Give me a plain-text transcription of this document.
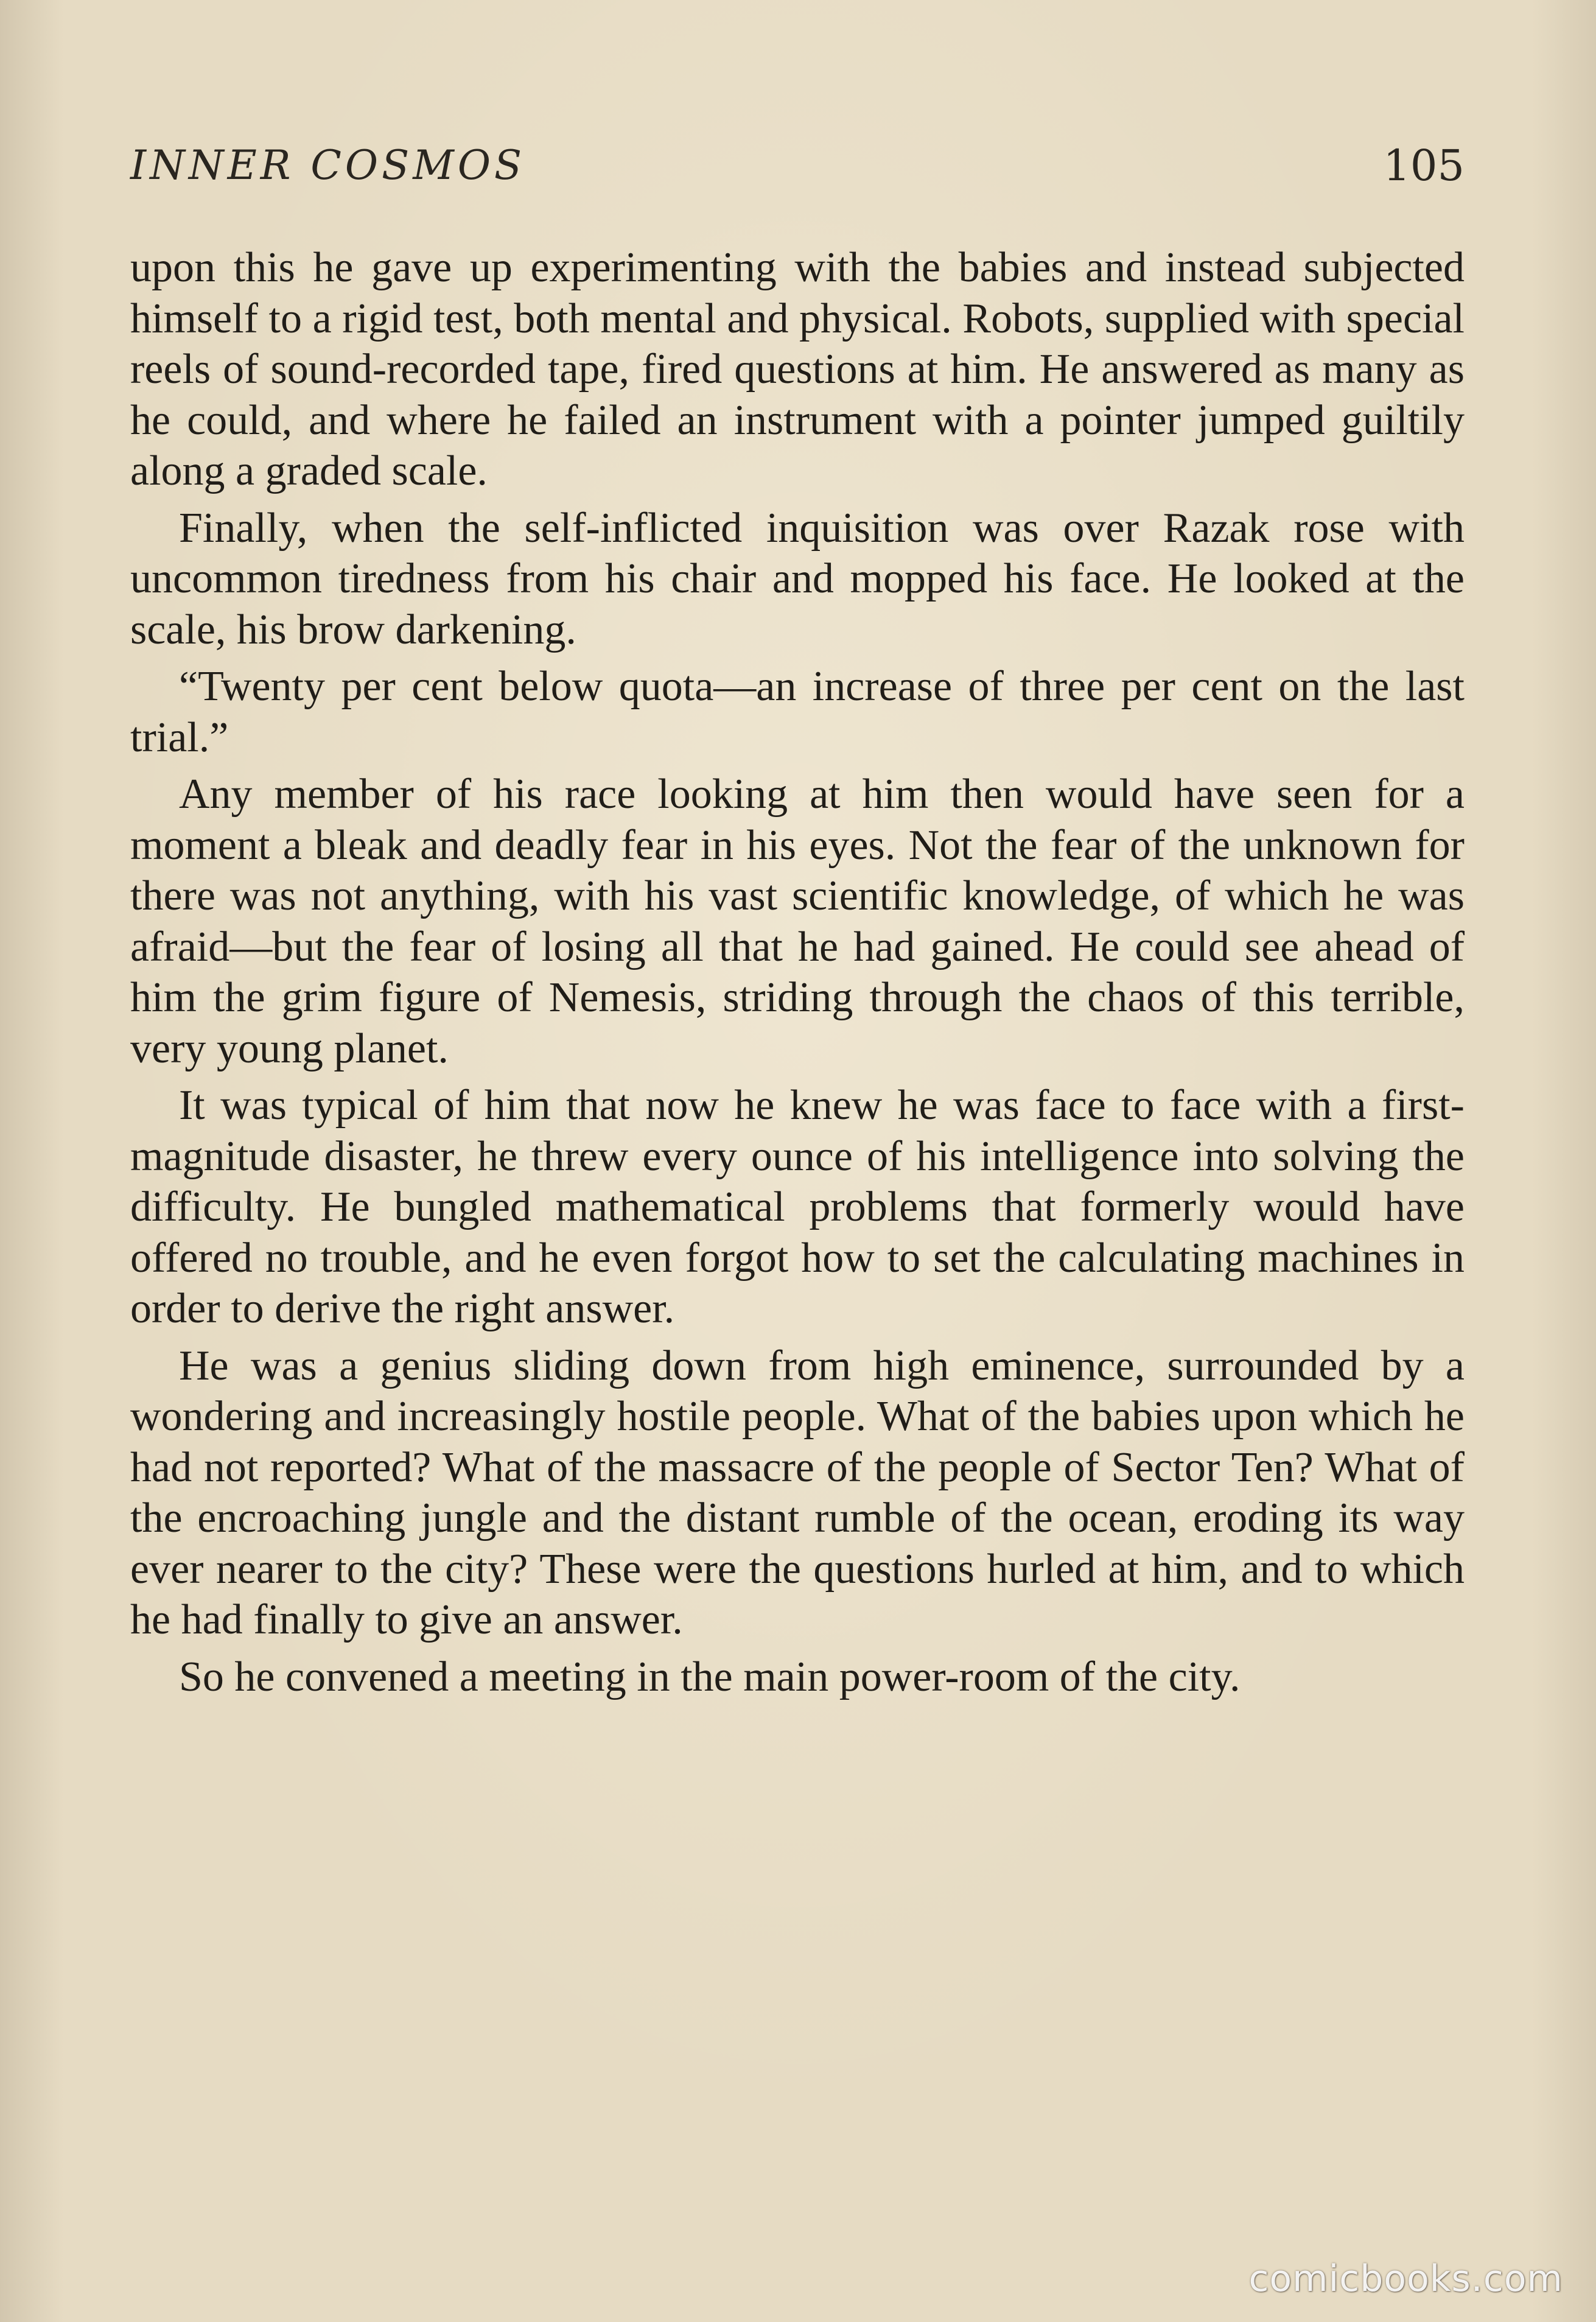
INNER COSMOS	105

upon this he gave up experimenting with the babies and instead subjected himself to a rigid test, both mental and physical. Robots, supplied with special reels of sound-recorded tape, fired questions at him. He answered as many as he could, and where he failed an instrument with a pointer jumped guiltily along a graded scale.

Finally, when the self-inflicted inquisition was over Razak rose with uncommon tiredness from his chair and mopped his face. He looked at the scale, his brow darkening.

“Twenty per cent below quota—an increase of three per cent on the last trial.”

Any member of his race looking at him then would have seen for a moment a bleak and deadly fear in his eyes. Not the fear of the unknown for there was not anything, with his vast scientific knowledge, of which he was afraid—but the fear of losing all that he had gained. He could see ahead of him the grim figure of Nemesis, striding through the chaos of this terrible, very young planet.

It was typical of him that now he knew he was face to face with a first-magnitude disaster, he threw every ounce of his intelligence into solving the difficulty. He bungled mathematical problems that formerly would have offered no trouble, and he even forgot how to set the calculating machines in order to derive the right answer.

He was a genius sliding down from high eminence, surrounded by a wondering and increasingly hostile people. What of the babies upon which he had not reported? What of the massacre of the people of Sector Ten? What of the encroaching jungle and the distant rumble of the ocean, eroding its way ever nearer to the city? These were the questions hurled at him, and to which he had finally to give an answer.

So he convened a meeting in the main power-room of the city.

comicbooks.com
